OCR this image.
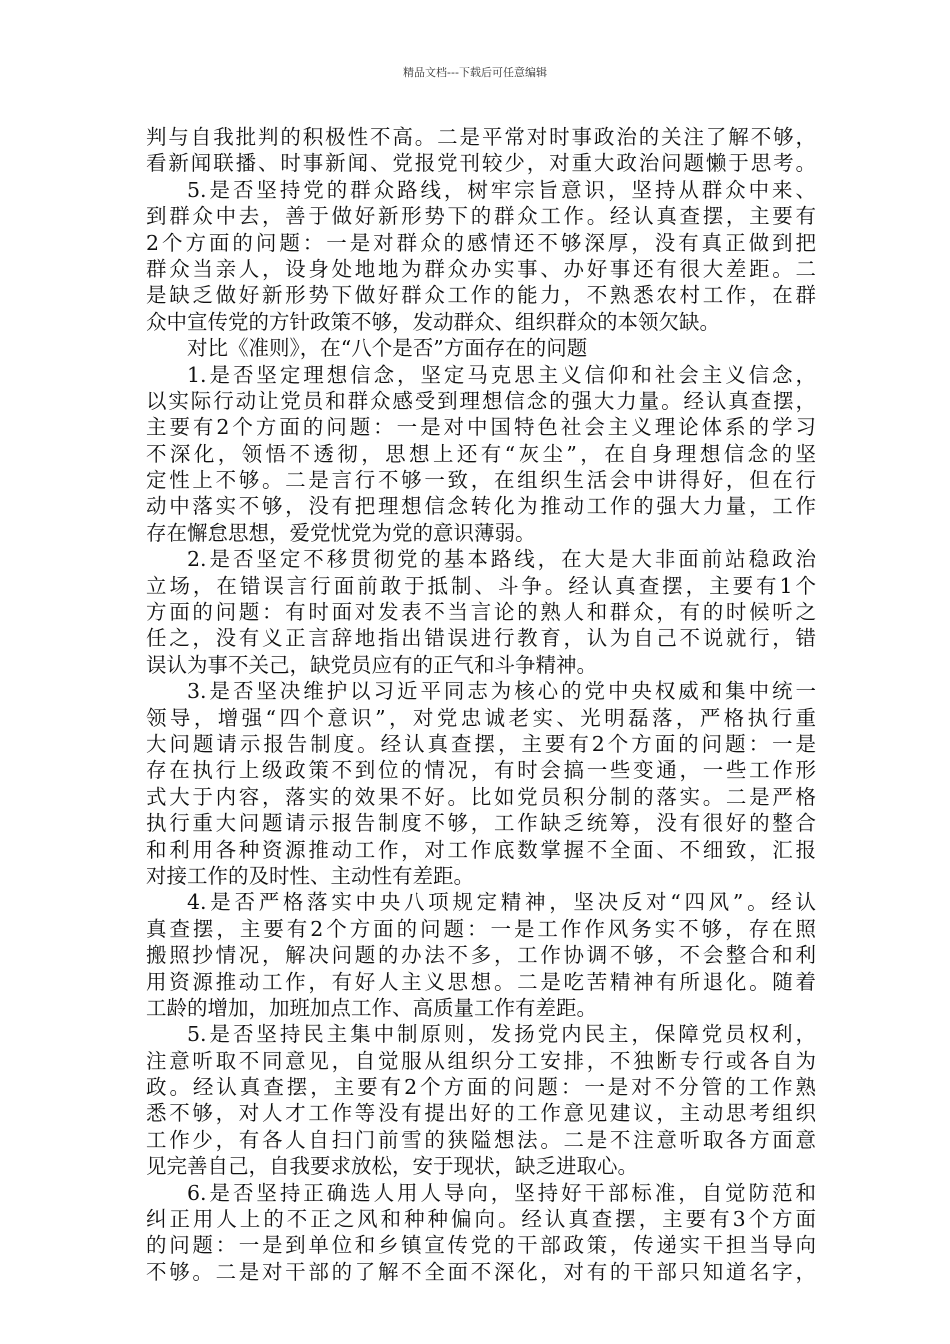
精品文档---下载后可任意编辑
判与自我批判的积极性不高。二是平常对时事政治的关注了解不够，
看新闻联播、时事新闻、党报党刊较少，对重大政治问题懒于思考。
5.是否坚持党的群众路线，树牢宗旨意识，坚持从群众中来、
到群众中去，善于做好新形势下的群众工作。经认真查摆，主要有
2个方面的问题：一是对群众的感情还不够深厚，没有真正做到把
群众当亲人，设身处地地为群众办实事、办好事还有很大差距。二
是缺乏做好新形势下做好群众工作的能力，不熟悉农村工作，在群
众中宣传党的方针政策不够，发动群众、组织群众的本领欠缺。
对比《准则》，在“八个是否”方面存在的问题
1.是否坚定理想信念，坚定马克思主义信仰和社会主义信念，
以实际行动让党员和群众感受到理想信念的强大力量。经认真查摆，
主要有2个方面的问题：一是对中国特色社会主义理论体系的学习
不深化，领悟不透彻，思想上还有“灰尘”，在自身理想信念的坚
定性上不够。二是言行不够一致，在组织生活会中讲得好，但在行
动中落实不够，没有把理想信念转化为推动工作的强大力量，工作
存在懈怠思想，爱党忧党为党的意识薄弱。
2.是否坚定不移贯彻党的基本路线，在大是大非面前站稳政治
立场，在错误言行面前敢于抵制、斗争。经认真查摆，主要有1个
方面的问题：有时面对发表不当言论的熟人和群众，有的时候听之
任之，没有义正言辞地指出错误进行教育，认为自己不说就行，错
误认为事不关己，缺党员应有的正气和斗争精神。
3.是否坚决维护以习近平同志为核心的党中央权威和集中统一
领导，增强“四个意识”，对党忠诚老实、光明磊落，严格执行重
大问题请示报告制度。经认真查摆，主要有2个方面的问题：一是
存在执行上级政策不到位的情况，有时会搞一些变通，一些工作形
式大于内容，落实的效果不好。比如党员积分制的落实。二是严格
执行重大问题请示报告制度不够，工作缺乏统筹，没有很好的整合
和利用各种资源推动工作，对工作底数掌握不全面、不细致，汇报
对接工作的及时性、主动性有差距。
4.是否严格落实中央八项规定精神，坚决反对“四风”。经认
真查摆，主要有2个方面的问题：一是工作作风务实不够，存在照
搬照抄情况，解决问题的办法不多，工作协调不够，不会整合和利
用资源推动工作，有好人主义思想。二是吃苦精神有所退化。随着
工龄的增加，加班加点工作、高质量工作有差距。
5.是否坚持民主集中制原则，发扬党内民主，保障党员权利，
注意听取不同意见，自觉服从组织分工安排，不独断专行或各自为
政。经认真查摆，主要有2个方面的问题：一是对不分管的工作熟
悉不够，对人才工作等没有提出好的工作意见建议，主动思考组织
工作少，有各人自扫门前雪的狭隘想法。二是不注意听取各方面意
见完善自己，自我要求放松，安于现状，缺乏进取心。
6.是否坚持正确选人用人导向，坚持好干部标准，自觉防范和
纠正用人上的不正之风和种种偏向。经认真查摆，主要有3个方面
的问题：一是到单位和乡镇宣传党的干部政策，传递实干担当导向
不够。二是对干部的了解不全面不深化，对有的干部只知道名字，
